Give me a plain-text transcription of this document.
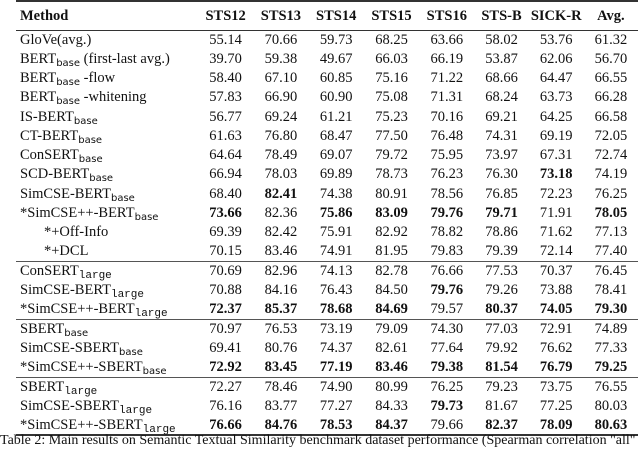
Method	STS12	STS13	STS14	STS15	STS16	STS-B	SICK-R	Avg.
GloVe(avg.)	55.14	70.66	59.73	68.25	63.66	58.02	53.76	61.32
$BERT_{base}$ (first-last avg.)	39.70	59.38	49.67	66.03	66.19	53.87	62.06	56.70
$BERT_{base}$ -flow	58.40	67.10	60.85	75.16	71.22	68.66	64.47	66.55
$BERT_{base}$ -whitening	57.83	66.90	60.90	75.08	71.31	68.24	63.73	66.28
$IS-BERT_{base}$	56.77	69.24	61.21	75.23	70.16	69.21	64.25	66.58
$CT-BERT_{base}$	61.63	76.80	68.47	77.50	76.48	74.31	69.19	72.05
ConSERT$_{base}$	64.64	78.49	69.07	79.72	75.95	73.97	67.31	72.74
SCD-$BERT_{base}$	66.94	78.03	69.89	78.73	76.23	76.30	73.18	74.19
SimCSE-$BERT_{base}$	68.40	82.41	74.38	80.91	78.56	76.85	72.23	76.25
$*SimCSE++-BERT_{base}$	73.66	82.36	75.86	83.09	79.76	79.71	71.91	78.05
*+Off-Info	69.39	82.42	75.91	82.92	78.82	78.86	71.62	77.13
*+DCL	70.15	83.46	74.91	81.95	79.83	79.39	72.14	77.40
ConSERT$_{large}$	70.69	82.96	74.13	82.78	76.66	77.53	70.37	76.45
SimCSE-$BERT_{large}$	70.88	84.16	76.43	84.50	79.76	79.26	73.88	78.41
$*SimCSE++-BERT_{large}$	72.37	85.37	78.68	84.69	79.57	80.37	74.05	79.30
$SBERT_{base}$	70.97	76.53	73.19	79.09	74.30	77.03	72.91	74.89
SimCSE-$SBERT_{base}$	69.41	80.76	74.37	82.61	77.64	79.92	76.62	77.33
$*SimCSE++-SBERT_{base}$	72.92	83.45	77.19	83.46	79.38	81.54	76.79	79.25
$SBERT_{large}$	72.27	78.46	74.90	80.99	76.25	79.23	73.75	76.55
SimCSE-$SBERT_{large}$	76.16	83.77	77.27	84.33	79.73	81.67	77.25	80.03
$*SimCSE++-SBERT_{large}$	76.66	84.76	78.53	84.37	79.66	82.37	78.09	80.63
Table 2: Main results on Semantic Textual Similarity benchmark dataset performance (Spearman correlation "all"
